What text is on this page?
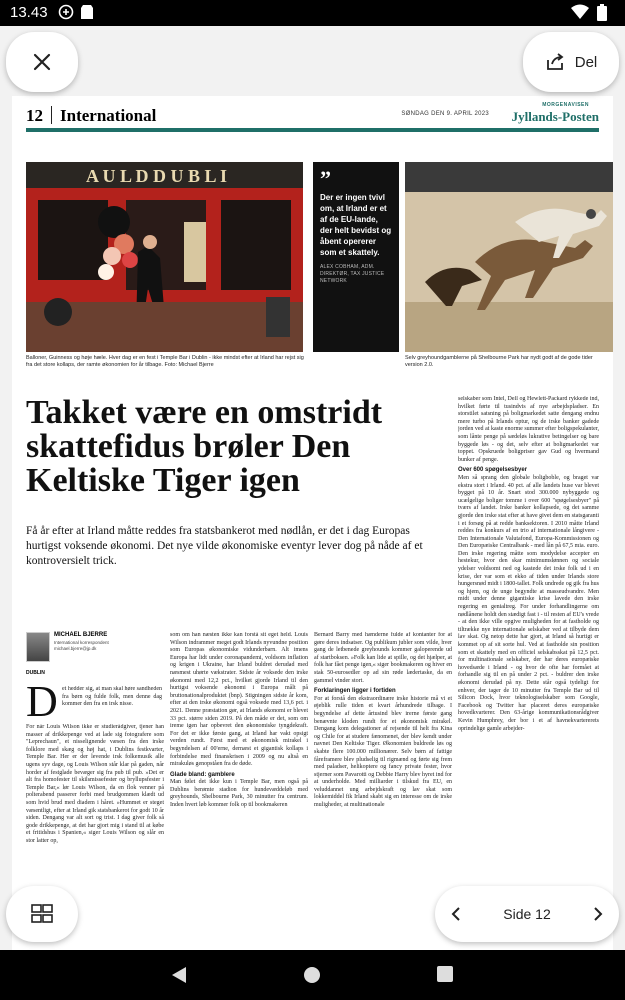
13.43
12 International	SØNDAG DEN 9. APRIL 2023
MORGENAVISEN
Jyllands-Posten
A U L D D U B L I	”
Der er ingen tvivl om, at Irland er et af de EU-lande, der helt bevidst og åbent opererer som et skattely.
ALEX COBHAM, ADM. DIREKTØR, TAX JUSTICE NETWORK
Balloner, Guinness og høje hæle. Hver dag er en fest i Temple Bar i Dublin - ikke mindst efter at Irland har rejst sig fra det store kollaps, der ramte økonomien for år tilbage. Foto: Michael Bjerre
Selv greyhoundgamblerne på Shelbourne Park har nydt godt af de gode tider version 2.0.
Takket være en omstridt skattefidus brøler Den Keltiske Tiger igen

Få år efter at Irland måtte reddes fra statsbankerot med nødlån, er det i dag Europas hurtigst voksende økonomi. Det nye vilde økonomiske eventyr lever dog på nåde af et kontroversielt trick.

MICHAEL BJERRE
International korrespondent
michael.bjerre@jp.dk
DUBLIN
D et hedder sig, at man skal høre sandheden fra børn og fulde folk, men denne dag kommer den fra en irsk nisse.
For når Louis Wilson ikke er studierådgiver, tjener han masser af drikkepenge ved at lade sig fotografere som "Leprechaun", et nisselignende væsen fra den irske folklore med skæg og høj hat, i Dublins festkvarter, Temple Bar. Her er der levende irsk folkemusik alle ugens syv dage, og Louis Wilson står klar på gaden, når horder af festglade bevæger sig fra pub til pub. »Det er alt fra homofester til skilsmissefester og bryllupsfester i Temple Bar,« lør Louis Wilson, da en flok venner på polterabend passerer forbi med brudgommen klædt ud som hvid brud med diadem i håret. »Hummet er steget væsentligt, efter at Irland gik statsbankerot for godt 10 år siden. Dengang var alt sort og trist. I dag giver folk så gode drikkepenge, at det har gjort mig i stand til at købe et fritidshus i Spanien,« siger Louis Wilson og slår en stor latter op,
som om han næsten ikke kan forstå sit eget held. Louis Wilson indrammer meget godt Irlands nyvundne position som Europas økonomiske vidunderbarn. Alt imens Europa har lidt under coronapandemi, voldsom inflation og krigen i Ukraine, har Irland buldret derudad med næsmest uhørte vækstrater. Sidste år voksede den irske økonomi med 12,2 pct., hvilket gjorde Irland til den hurtigst voksende økonomi i Europa målt på bruttonationalproduktet (bnp). Stigningen sidste år kom, efter at den irske økonomi også voksede med 13,6 pct. i 2021. Denne præstation gør, at Irlands økonomi er blevet 33 pct. større siden 2019. På den måde er det, som om ireme igen har opbevret den økonomiske tyngdekraft. For det er ikke første gang, at Irland har vakt opsigt verden rundt. Først med et økonomisk mirakel i begyndelsen af 00'erne, dernæst et gigantisk kollaps i forbindelse med finanskrisen i 2009 og nu altså en mirakuløs genopståen fra de døde.
Glade bland: gamblere
Man følet det ikke kun i Temple Bar, men også på Dublins berømte stadion for hundevæddeløb med greyhounds, Shelbourne Park, 30 minutter fra centrum. Inden hvert løb kommer folk op til bookmakeren
Bernard Barry med hænderne fulde af kontanter for at gøre deres indsatser. Og publikum jubler som vilde, hver gang de letbenede greyhounds kommer galoperende ud af startboksen. »Folk kan lide at spille, og det hjælper, at folk har fået penge igen,« siger bookmakeren og hiver en stak 50-eurosedler op ad sin røde lædertaske, da en gammel vinder stort.
Forklaringen ligger i fortiden
For at forstå den ekstraordinære irske historie må vi et øjeblik rulle tiden et kvart århundrede tilbage. I begyndelse af dette årtusind blev irerne første gang benævnte kloden rundt for et økonomisk mirakel. Dengang kom delegationer af rejsende til helt fra Kina og Chile for at studere fænomenet, der blev kendt under navnet Den Keltiske Tiger. Økonomien buldrede løs og skabte flere 100.000 millionærer. Selv børn af fattige fåreframere blev pludselig til rigmænd og førte sig frem med paladser, helikoptere og fancy private fester, hvor stjerner som Pavarotti og Debbie Harry blev hyret ind for at underholde. Med milliarder i tilskud fra EU, en veluddannet ung arbejdskraft og lav skat som lokkemiddel fik Irland skabt sig en interesse om de irske muligheder, at multinationale
selskaber som Intel, Dell og Hewlett-Packard rykkede ind, hvilket førte til tusindvis af nye arbejdspladser. En storstilet satsning på boligmarkedet satte dengang endnu mere turbo på Irlands optur, og de irske banker gadede jorden ved at kaste enorme summer efter boligspekulanter, som lånte penge på sædeløs lukrative betingelser og bare byggede løs - og det, selv efter at boligmarkedet var toppet. Opskruede boligpriser gav Gud og hvermand bunker af penge.
Over 600 spøgelsesbyer
Men så sprang den globale boligboble, og braget var ekstra stort i Irland. 40 pct. af alle landets huse var blevet bygget på 10 år. Snart stod 300.000 nybyggede og ucælgelige boliger tomme i over 600 "spøgelsesbyer" på tværs af landet. Irske banker kollapsede, og det samme gjorde den irske stat efter at have givet dem en statsgaranti i et forsøg på at redde banksektoren. I 2010 måtte Irland reddes fra konkurs af en trio af internationale långivere - Den Internationale Valutafond, Europa-Kommissionen og Den Europæiske Centralbank - med lån på 67,5 mia. euro. Den irske regering måtte som modydelse accepter en hestekur, hvor den skar minimumslønnen og sociale ydelser voldsomt ned og kastede det irske folk ud i en krise, der var som et ekko af tiden under Irlands store hungersnød midt i 1800-tallet. Folk undrede og gik fra hus og hjem, og de unge begyndte at masseudvandre. Men midt under denne gigantiske krise lavede den irske regering en genialtreg. For under forhandlingerne om nødlånene holdt den stædigt fast i - til resten af EU's vrede - at den ikke ville opgive muligheden for at fastholde og tiltrække nye internationale selskaber ved at tilbyde dem lav skat. Og netop dette har gjort, at Irland så hurtigt er kommet op af sit sorte hul. Ved at fastholde sin position som et skattely med en officiel selskabsskat på 12,5 pct. for multinationale selskaber, der har deres europæiske hovedsæde i Irland - og hvor de ofte har formået at forhandle sig til en på under 2 pct. - buldrer den irske økonomi derudad på ny. Dette står også tydeligt for enhver, der tager de 10 minutter fra Temple Bar ud til Silicon Dock, hvor teknologiselskaber som Google, Facebook og Twitter har placeret deres europæiske hovedkvarterer. Den 63-årige kommunikationsrådgiver Kevin Humphrey, der bor i et af havnekvartererets oprindelige gamle arbejder-
Del
Side 12
